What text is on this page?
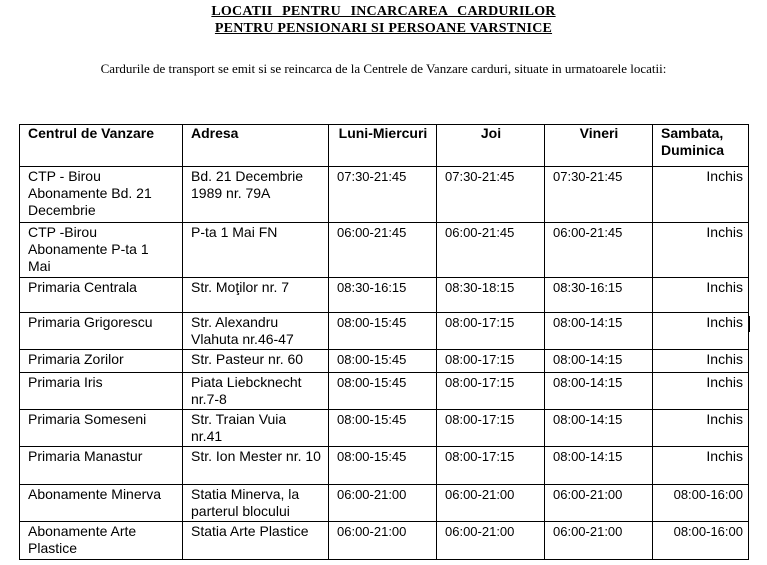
LOCATII PENTRU INCARCAREA CARDURILOR
PENTRU PENSIONARI SI PERSOANE VARSTNICE
Cardurile de transport se emit si se reincarca de la Centrele de Vanzare carduri, situate in urmatoarele locatii:
Centrul de Vanzare	Adresa	Luni-Miercuri	Joi	Vineri	Sambata, Duminica
CTP - Birou Abonamente Bd. 21 Decembrie	Bd. 21 Decembrie 1989 nr. 79A	07:30-21:45	07:30-21:45	07:30-21:45	Inchis
CTP -Birou Abonamente P-ta 1 Mai	P-ta 1 Mai FN	06:00-21:45	06:00-21:45	06:00-21:45	Inchis
Primaria Centrala	Str. Moţilor nr. 7	08:30-16:15	08:30-18:15	08:30-16:15	Inchis
Primaria Grigorescu	Str. Alexandru Vlahuta nr.46-47	08:00-15:45	08:00-17:15	08:00-14:15	Inchis
Primaria Zorilor	Str. Pasteur nr. 60	08:00-15:45	08:00-17:15	08:00-14:15	Inchis
Primaria Iris	Piata Liebcknecht nr.7-8	08:00-15:45	08:00-17:15	08:00-14:15	Inchis
Primaria Someseni	Str. Traian Vuia nr.41	08:00-15:45	08:00-17:15	08:00-14:15	Inchis
Primaria Manastur	Str. Ion Mester nr. 10	08:00-15:45	08:00-17:15	08:00-14:15	Inchis
Abonamente Minerva	Statia Minerva, la parterul blocului	06:00-21:00	06:00-21:00	06:00-21:00	08:00-16:00
Abonamente Arte Plastice	Statia Arte Plastice	06:00-21:00	06:00-21:00	06:00-21:00	08:00-16:00
